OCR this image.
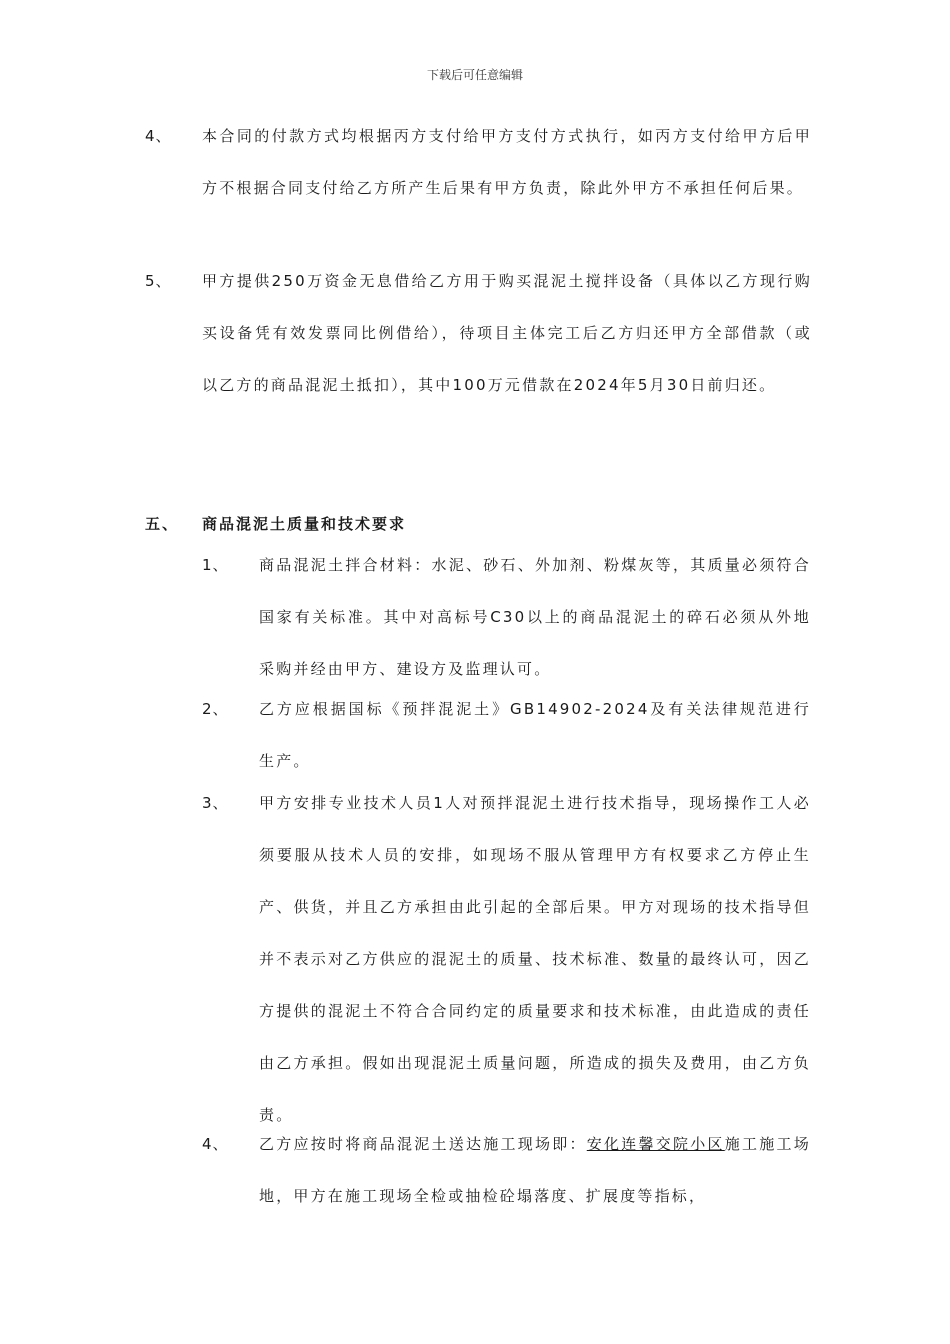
下载后可任意编辑
4、 本合同的付款方式均根据丙方支付给甲方支付方式执行，如丙方支付给甲方后甲方不根据合同支付给乙方所产生后果有甲方负责，除此外甲方不承担任何后果。
5、 甲方提供250万资金无息借给乙方用于购买混泥土搅拌设备（具体以乙方现行购买设备凭有效发票同比例借给），待项目主体完工后乙方归还甲方全部借款（或以乙方的商品混泥土抵扣），其中100万元借款在2024年5月30日前归还。
五、 商品混泥土质量和技术要求
1、 商品混泥土拌合材料：水泥、砂石、外加剂、粉煤灰等，其质量必须符合国家有关标准。其中对高标号C30以上的商品混泥土的碎石必须从外地采购并经由甲方、建设方及监理认可。
2、 乙方应根据国标《预拌混泥土》GB14902-2024及有关法律规范进行生产。
3、 甲方安排专业技术人员1人对预拌混泥土进行技术指导，现场操作工人必须要服从技术人员的安排，如现场不服从管理甲方有权要求乙方停止生产、供货，并且乙方承担由此引起的全部后果。甲方对现场的技术指导但并不表示对乙方供应的混泥土的质量、技术标准、数量的最终认可，因乙方提供的混泥土不符合合同约定的质量要求和技术标准，由此造成的责任由乙方承担。假如出现混泥土质量问题，所造成的损失及费用，由乙方负责。
4、 乙方应按时将商品混泥土送达施工现场即：安化连馨交院小区施工施工场地，甲方在施工现场全检或抽检砼塌落度、扩展度等指标，
